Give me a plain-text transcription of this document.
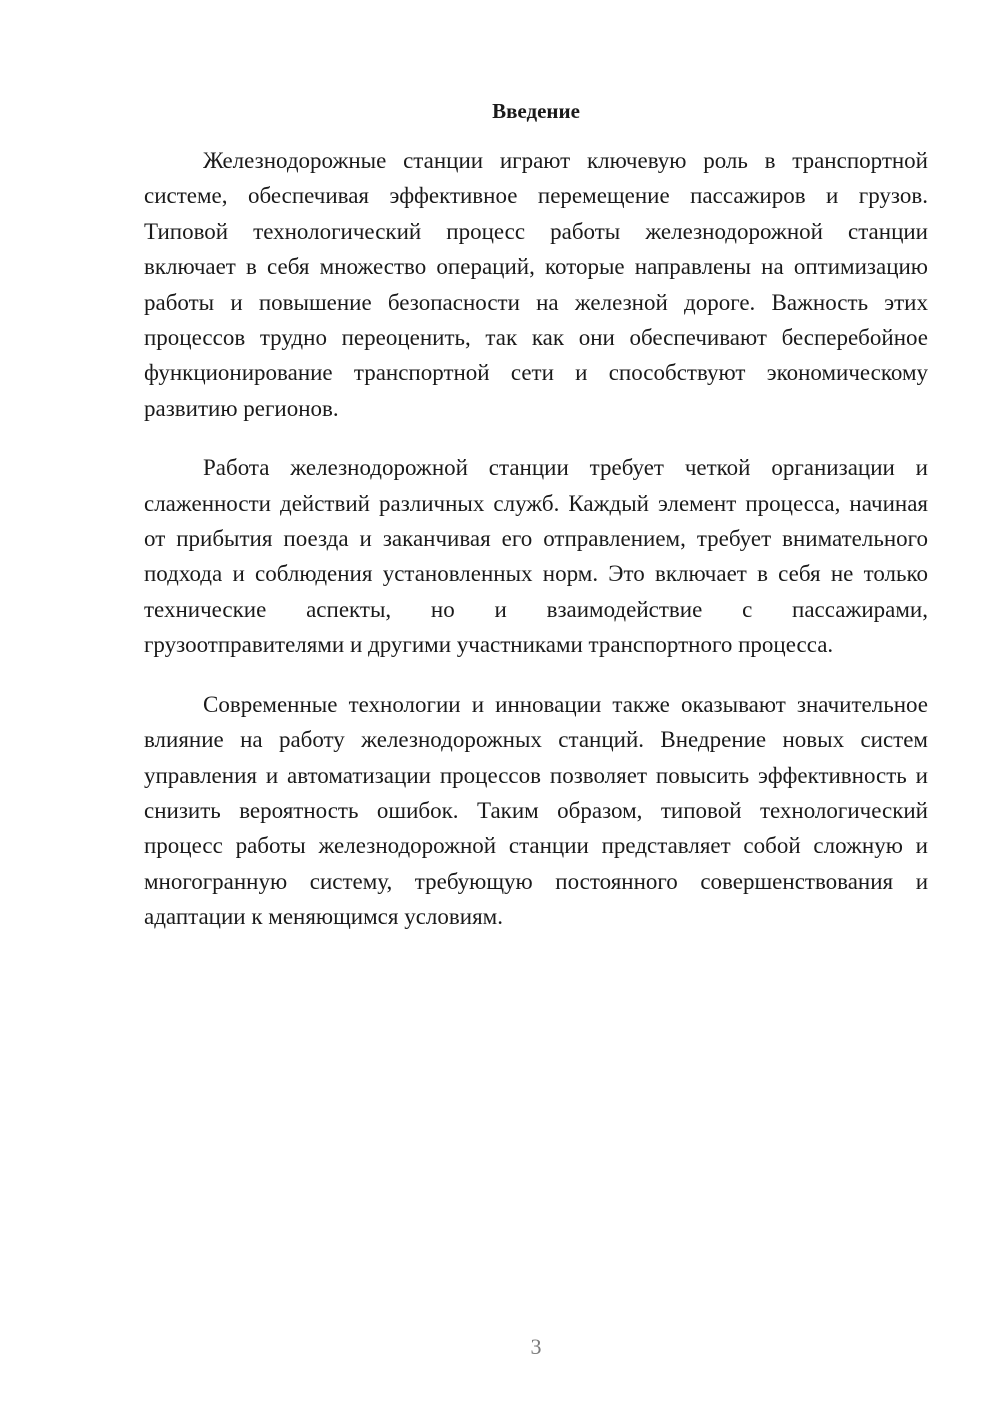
Введение

Железнодорожные станции играют ключевую роль в транспортной системе, обеспечивая эффективное перемещение пассажиров и грузов. Типовой технологический процесс работы железнодорожной станции включает в себя множество операций, которые направлены на оптимизацию работы и повышение безопасности на железной дороге. Важность этих процессов трудно переоценить, так как они обеспечивают бесперебойное функционирование транспортной сети и способствуют экономическому развитию регионов.

Работа железнодорожной станции требует четкой организации и слаженности действий различных служб. Каждый элемент процесса, начиная от прибытия поезда и заканчивая его отправлением, требует внимательного подхода и соблюдения установленных норм. Это включает в себя не только технические аспекты, но и взаимодействие с пассажирами, грузоотправителями и другими участниками транспортного процесса.

Современные технологии и инновации также оказывают значительное влияние на работу железнодорожных станций. Внедрение новых систем управления и автоматизации процессов позволяет повысить эффективность и снизить вероятность ошибок. Таким образом, типовой технологический процесс работы железнодорожной станции представляет собой сложную и многогранную систему, требующую постоянного совершенствования и адаптации к меняющимся условиям.

3
